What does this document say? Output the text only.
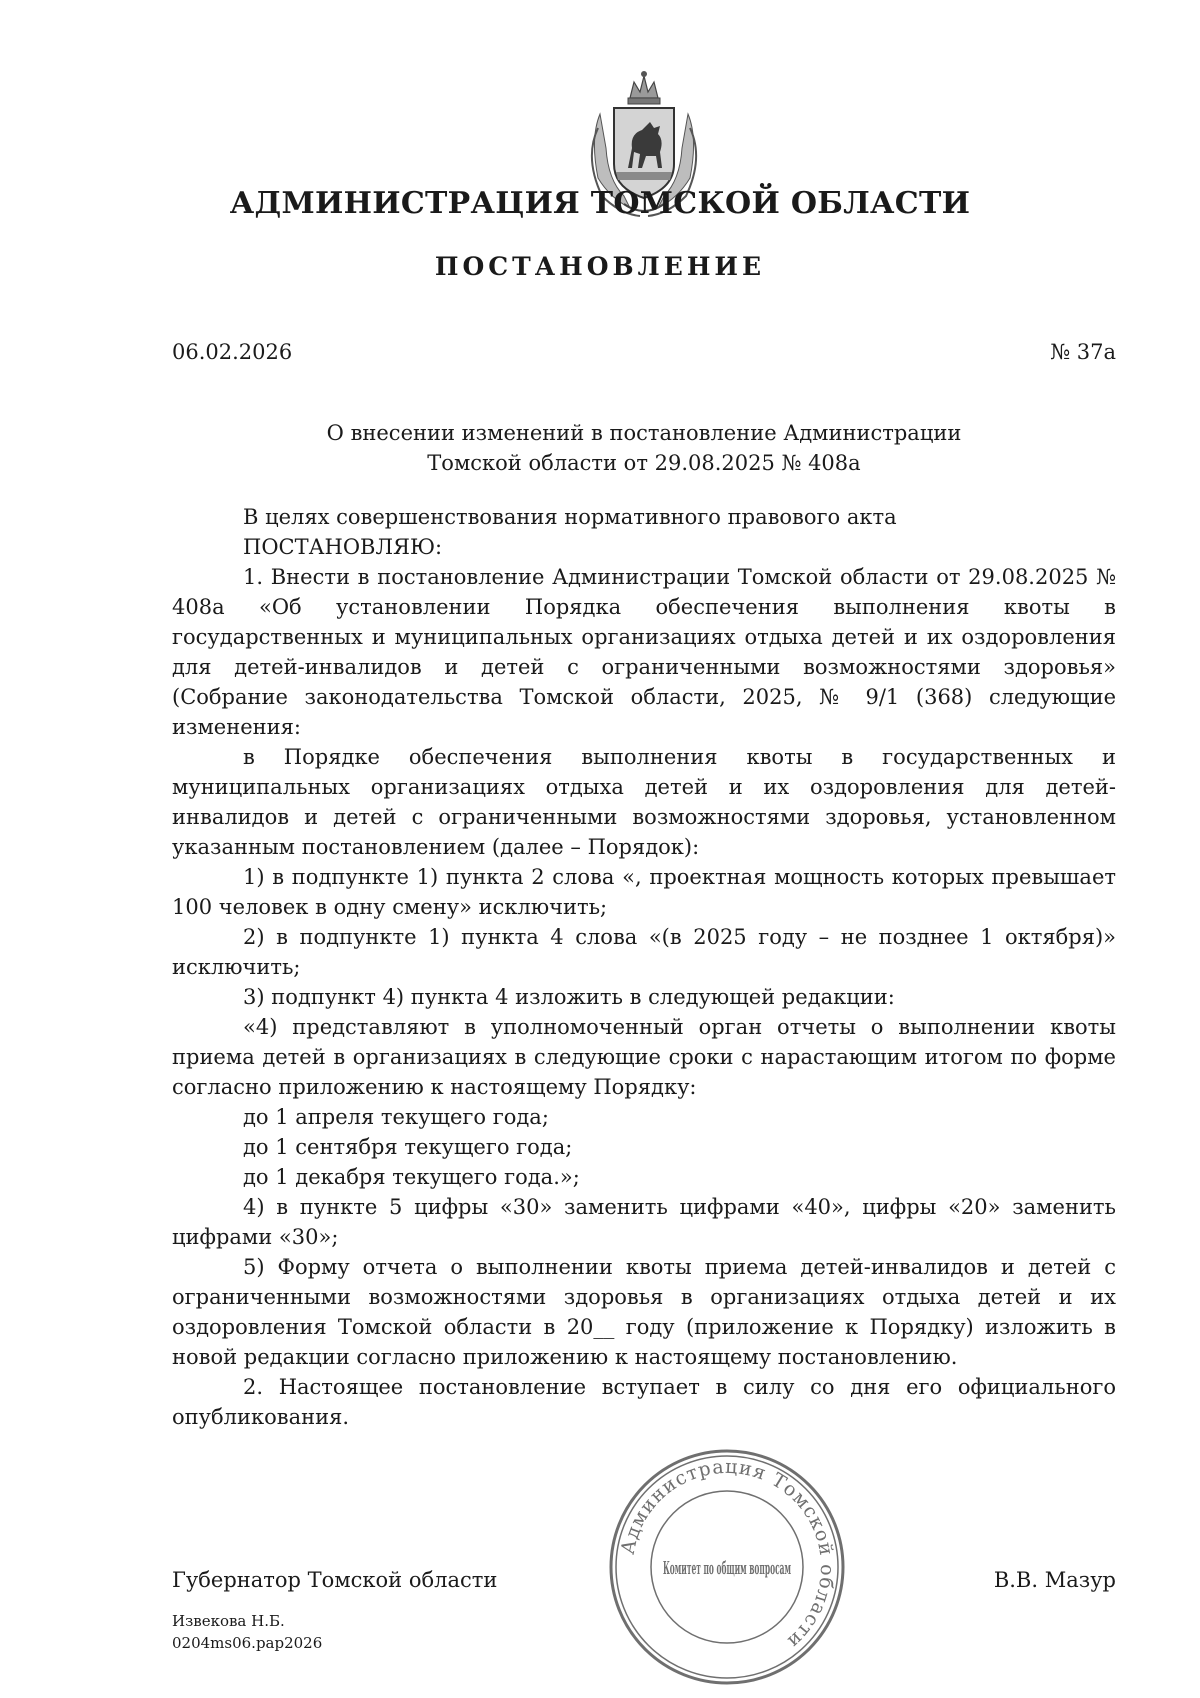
АДМИНИСТРАЦИЯ ТОМСКОЙ ОБЛАСТИ
ПОСТАНОВЛЕНИЕ
06.02.2026	№ 37а
О внесении изменений в постановление Администрации
Томской области от 29.08.2025 № 408а

В целях совершенствования нормативного правового акта

ПОСТАНОВЛЯЮ:

1. Внести в постановление Администрации Томской области от 29.08.2025 № 408а «Об установлении Порядка обеспечения выполнения квоты в государственных и муниципальных организациях отдыха детей и их оздоровления для детей-инвалидов и детей с ограниченными возможностями здоровья» (Собрание законодательства Томской области, 2025, № 9/1 (368) следующие изменения:

в Порядке обеспечения выполнения квоты в государственных и муниципальных организациях отдыха детей и их оздоровления для детей-инвалидов и детей с ограниченными возможностями здоровья, установленном указанным постановлением (далее – Порядок):

1) в подпункте 1) пункта 2 слова «, проектная мощность которых превышает 100 человек в одну смену» исключить;

2) в подпункте 1) пункта 4 слова «(в 2025 году – не позднее 1 октября)» исключить;

3) подпункт 4) пункта 4 изложить в следующей редакции:

«4) представляют в уполномоченный орган отчеты о выполнении квоты приема детей в организациях в следующие сроки с нарастающим итогом по форме согласно приложению к настоящему Порядку:

до 1 апреля текущего года;

до 1 сентября текущего года;

до 1 декабря текущего года.»;

4) в пункте 5 цифры «30» заменить цифрами «40», цифры «20» заменить цифрами «30»;

5) Форму отчета о выполнении квоты приема детей-инвалидов и детей с ограниченными возможностями здоровья в организациях отдыха детей и их оздоровления Томской области в 20__ году (приложение к Порядку) изложить в новой редакции согласно приложению к настоящему постановлению.

2. Настоящее постановление вступает в силу со дня его официального опубликования.

Администрация Томской области
Комитет по общим вопросам
Губернатор Томской области	В.В. Мазур
Извекова Н.Б.
0204ms06.pap2026
